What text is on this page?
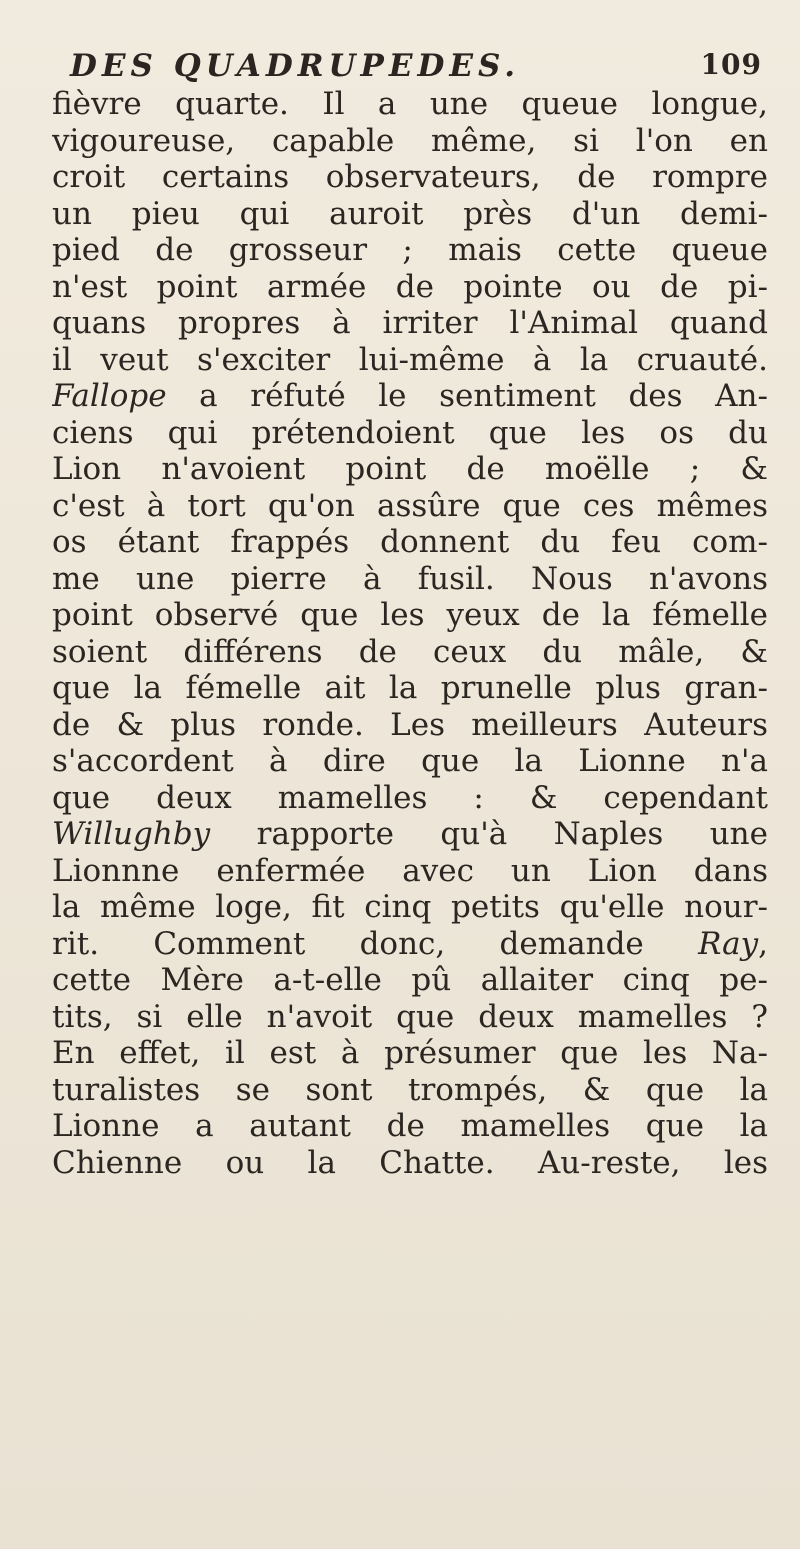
DES QUADRUPEDES.	109
fièvre quarte. Il a une queue longue,
vigoureuse, capable même, si l'on en
croit certains observateurs, de rompre
un pieu qui auroit près d'un demi-
pied de grosseur ; mais cette queue
n'est point armée de pointe ou de pi-
quans propres à irriter l'Animal quand
il veut s'exciter lui-même à la cruauté.
Fallope a réfuté le sentiment des An-
ciens qui prétendoient que les os du
Lion n'avoient point de moëlle ; &
c'est à tort qu'on assûre que ces mêmes
os étant frappés donnent du feu com-
me une pierre à fusil. Nous n'avons
point observé que les yeux de la fémelle
soient différens de ceux du mâle, &
que la fémelle ait la prunelle plus gran-
de & plus ronde. Les meilleurs Auteurs
s'accordent à dire que la Lionne n'a
que deux mamelles : & cependant
Willughby rapporte qu'à Naples une
Lionnne enfermée avec un Lion dans
la même loge, fit cinq petits qu'elle nour-
rit. Comment donc, demande Ray,
cette Mère a-t-elle pû allaiter cinq pe-
tits, si elle n'avoit que deux mamelles ?
En effet, il est à présumer que les Na-
turalistes se sont trompés, & que la
Lionne a autant de mamelles que la
Chienne ou la Chatte. Au-reste, les
